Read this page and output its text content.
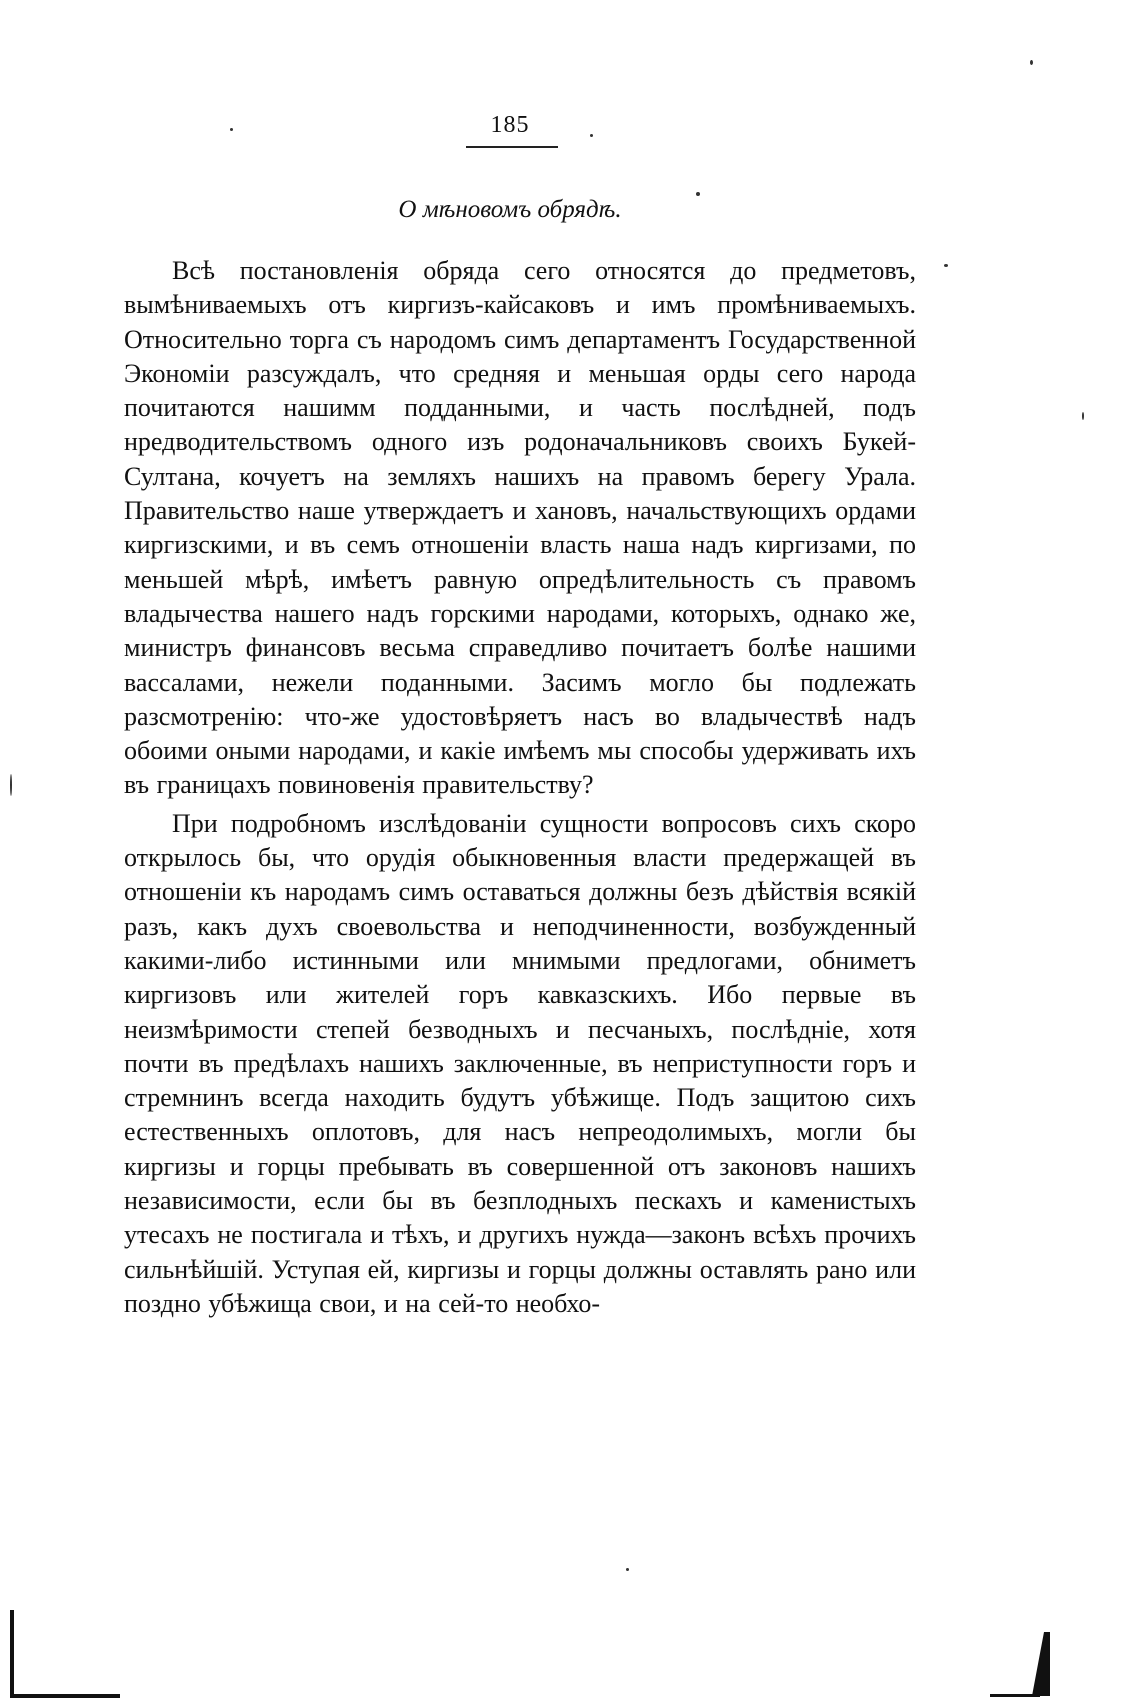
185
О мѣновомъ обрядѣ.

Всѣ постановленія обряда сего относятся до предметовъ, вымѣниваемыхъ отъ киргизъ-кайсаковъ и имъ промѣниваемыхъ. Относительно торга съ народомъ симъ департаментъ Государственной Экономіи разсуждалъ, что средняя и меньшая орды сего народа почитаются нашимм подданными, и часть послѣдней, подъ нредводительствомъ одного изъ родоначальниковъ своихъ Букей-Султана, кочуетъ на земляхъ нашихъ на правомъ берегу Урала. Правительство наше утверждаетъ и хановъ, начальствующихъ ордами киргизскими, и въ семъ отношеніи власть наша надъ киргизами, по меньшей мѣрѣ, имѣетъ равную опредѣлительность съ правомъ владычества нашего надъ горскими народами, которыхъ, однако же, министръ финансовъ весьма справедливо почитаетъ болѣе нашими вассалами, нежели поданными. Засимъ могло бы подлежать разсмотренію: что-же удостовѣряетъ насъ во владычествѣ надъ обоими оными народами, и какіе имѣемъ мы способы удерживать ихъ въ границахъ повиновенія правительству?

При подробномъ изслѣдованіи сущности вопросовъ сихъ скоро открылось бы, что орудія обыкновенныя власти предержащей въ отношеніи къ народамъ симъ оставаться должны безъ дѣйствія всякій разъ, какъ духъ своевольства и неподчиненности, возбужденный какими-либо истинными или мнимыми предлогами, обниметъ киргизовъ или жителей горъ кавказскихъ. Ибо первые въ неизмѣримости степей безводныхъ и песчаныхъ, послѣдніе, хотя почти въ предѣлахъ нашихъ заключенные, въ неприступности горъ и стремнинъ всегда находить будутъ убѣжище. Подъ защитою сихъ естественныхъ оплотовъ, для насъ непреодолимыхъ, могли бы киргизы и горцы пребывать въ совершенной отъ законовъ нашихъ независимости, если бы въ безплодныхъ пескахъ и каменистыхъ утесахъ не постигала и тѣхъ, и другихъ нужда—законъ всѣхъ прочихъ сильнѣйшій. Уступая ей, киргизы и горцы должны оставлять рано или поздно убѣжища свои, и на сей-то необхо-
